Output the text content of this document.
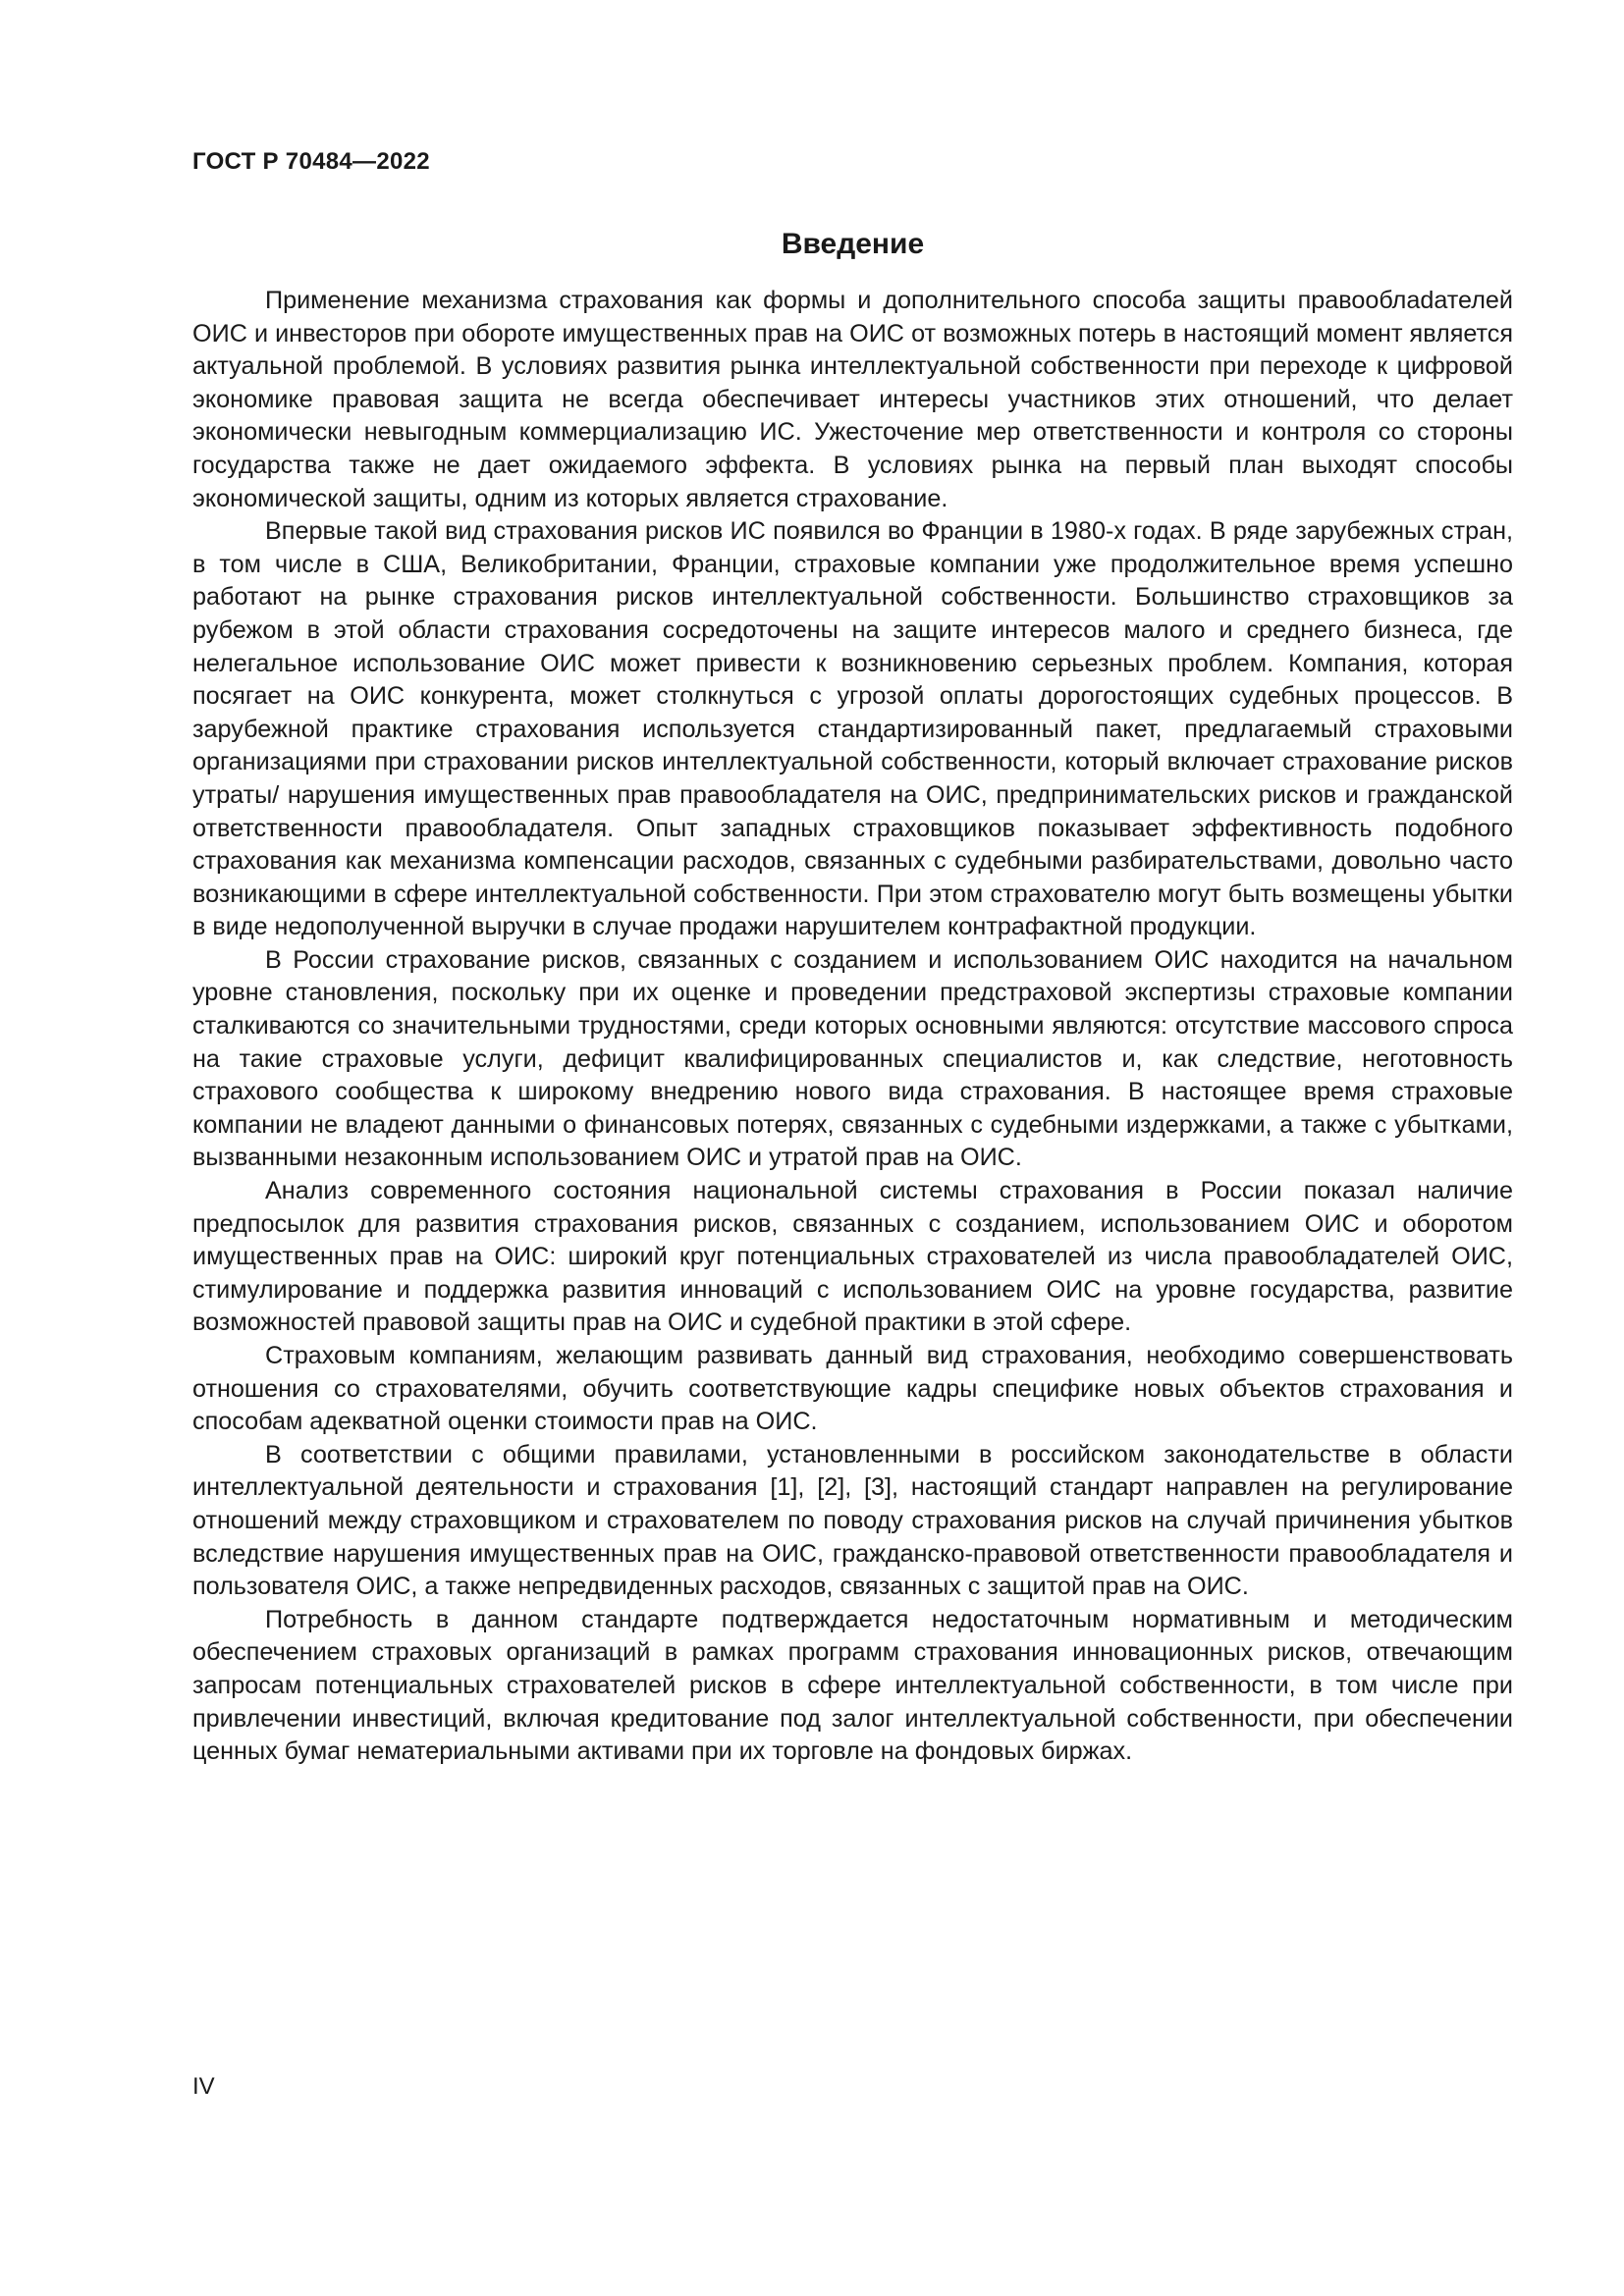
ГОСТ Р 70484—2022
Введение

Применение механизма страхования как формы и дополнительного способа защиты правооблаdателей ОИС и инвесторов при обороте имущественных прав на ОИС от возможных потерь в настоящий момент является актуальной проблемой. В условиях развития рынка интеллектуальной собственности при переходе к цифровой экономике правовая защита не всегда обеспечивает интересы участников этих отношений, что делает экономически невыгодным коммерциализацию ИС. Ужесточение мер ответственности и контроля со стороны государства также не дает ожидаемого эффекта. В условиях рынка на первый план выходят способы экономической защиты, одним из которых является страхование.

Впервые такой вид страхования рисков ИС появился во Франции в 1980-х годах. В ряде зарубежных стран, в том числе в США, Великобритании, Франции, страховые компании уже продолжительное время успешно работают на рынке страхования рисков интеллектуальной собственности. Большинство страховщиков за рубежом в этой области страхования сосредоточены на защите интересов малого и среднего бизнеса, где нелегальное использование ОИС может привести к возникновению серьезных проблем. Компания, которая посягает на ОИС конкурента, может столкнуться с угрозой оплаты дорогостоящих судебных процессов. В зарубежной практике страхования используется стандартизированный пакет, предлагаемый страховыми организациями при страховании рисков интеллектуальной собственности, который включает страхование рисков утраты/ нарушения имущественных прав правообладателя на ОИС, предпринимательских рисков и гражданской ответственности правообладателя. Опыт западных страховщиков показывает эффективность подобного страхования как механизма компенсации расходов, связанных с судебными разбирательствами, довольно часто возникающими в сфере интеллектуальной собственности. При этом страхователю могут быть возмещены убытки в виде недополученной выручки в случае продажи нарушителем контрафактной продукции.

В России страхование рисков, связанных с созданием и использованием ОИС находится на начальном уровне становления, поскольку при их оценке и проведении предстраховой экспертизы страховые компании сталкиваются со значительными трудностями, среди которых основными являются: отсутствие массового спроса на такие страховые услуги, дефицит квалифицированных специалистов и, как следствие, неготовность страхового сообщества к широкому внедрению нового вида страхования. В настоящее время страховые компании не владеют данными о финансовых потерях, связанных с судебными издержками, а также с убытками, вызванными незаконным использованием ОИС и утратой прав на ОИС.

Анализ современного состояния национальной системы страхования в России показал наличие предпосылок для развития страхования рисков, связанных с созданием, использованием ОИС и оборотом имущественных прав на ОИС: широкий круг потенциальных страхователей из числа правообладателей ОИС, стимулирование и поддержка развития инноваций с использованием ОИС на уровне государства, развитие возможностей правовой защиты прав на ОИС и судебной практики в этой сфере.

Страховым компаниям, желающим развивать данный вид страхования, необходимо совершенствовать отношения со страхователями, обучить соответствующие кадры специфике новых объектов страхования и способам адекватной оценки стоимости прав на ОИС.

В соответствии с общими правилами, установленными в российском законодательстве в области интеллектуальной деятельности и страхования [1], [2], [3], настоящий стандарт направлен на регулирование отношений между страховщиком и страхователем по поводу страхования рисков на случай причинения убытков вследствие нарушения имущественных прав на ОИС, гражданско-правовой ответственности правообладателя и пользователя ОИС, а также непредвиденных расходов, связанных с защитой прав на ОИС.

Потребность в данном стандарте подтверждается недостаточным нормативным и методическим обеспечением страховых организаций в рамках программ страхования инновационных рисков, отвечающим запросам потенциальных страхователей рисков в сфере интеллектуальной собственности, в том числе при привлечении инвестиций, включая кредитование под залог интеллектуальной собственности, при обеспечении ценных бумаг нематериальными активами при их торговле на фондовых биржах.

IV
